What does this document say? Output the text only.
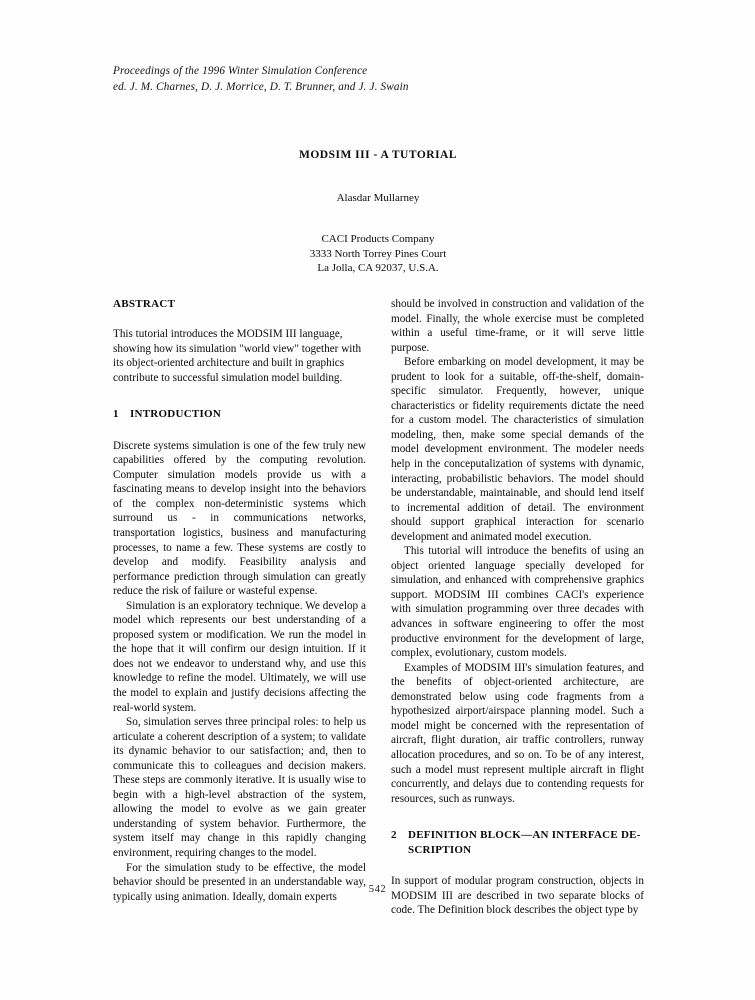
Proceedings of the 1996 Winter Simulation Conference
ed. J. M. Charnes, D. J. Morrice, D. T. Brunner, and J. J. Swain
MODSIM III - A TUTORIAL
Alasdar Mullarney
CACI Products Company
3333 North Torrey Pines Court
La Jolla, CA 92037, U.S.A.
ABSTRACT

This tutorial introduces the MODSIM III language, showing how its simulation "world view" together with its object-oriented architecture and built in graphics contribute to successful simulation model building.

1 INTRODUCTION

Discrete systems simulation is one of the few truly new capabilities offered by the computing revolution. Computer simulation models provide us with a fascinating means to develop insight into the behaviors of the complex non-deterministic systems which surround us - in communications networks, transportation logistics, business and manufacturing processes, to name a few. These systems are costly to develop and modify. Feasibility analysis and performance prediction through simulation can greatly reduce the risk of failure or wasteful expense.

Simulation is an exploratory technique. We develop a model which represents our best understanding of a proposed system or modification. We run the model in the hope that it will confirm our design intuition. If it does not we endeavor to understand why, and use this knowledge to refine the model. Ultimately, we will use the model to explain and justify decisions affecting the real-world system.

So, simulation serves three principal roles: to help us articulate a coherent description of a system; to validate its dynamic behavior to our satisfaction; and, then to communicate this to colleagues and decision makers. These steps are commonly iterative. It is usually wise to begin with a high-level abstraction of the system, allowing the model to evolve as we gain greater understanding of system behavior. Furthermore, the system itself may change in this rapidly changing environment, requiring changes to the model.

For the simulation study to be effective, the model behavior should be presented in an understandable way, typically using animation. Ideally, domain experts

should be involved in construction and validation of the model. Finally, the whole exercise must be completed within a useful time-frame, or it will serve little purpose.

Before embarking on model development, it may be prudent to look for a suitable, off-the-shelf, domain-specific simulator. Frequently, however, unique characteristics or fidelity requirements dictate the need for a custom model. The characteristics of simulation modeling, then, make some special demands of the model development environment. The modeler needs help in the conceputalization of systems with dynamic, interacting, probabilistic behaviors. The model should be understandable, maintainable, and should lend itself to incremental addition of detail. The environment should support graphical interaction for scenario development and animated model execution.

This tutorial will introduce the benefits of using an object oriented language specially developed for simulation, and enhanced with comprehensive graphics support. MODSIM III combines CACI's experience with simulation programming over three decades with advances in software engineering to offer the most productive environment for the development of large, complex, evolutionary, custom models.

Examples of MODSIM III's simulation features, and the benefits of object-oriented architecture, are demonstrated below using code fragments from a hypothesized airport/airspace planning model. Such a model might be concerned with the representation of aircraft, flight duration, air traffic controllers, runway allocation procedures, and so on. To be of any interest, such a model must represent multiple aircraft in flight concurrently, and delays due to contending requests for resources, such as runways.

2 DEFINITION BLOCK—AN INTERFACE DE-
SCRIPTION

In support of modular program construction, objects in MODSIM III are described in two separate blocks of code. The Definition block describes the object type by

542
